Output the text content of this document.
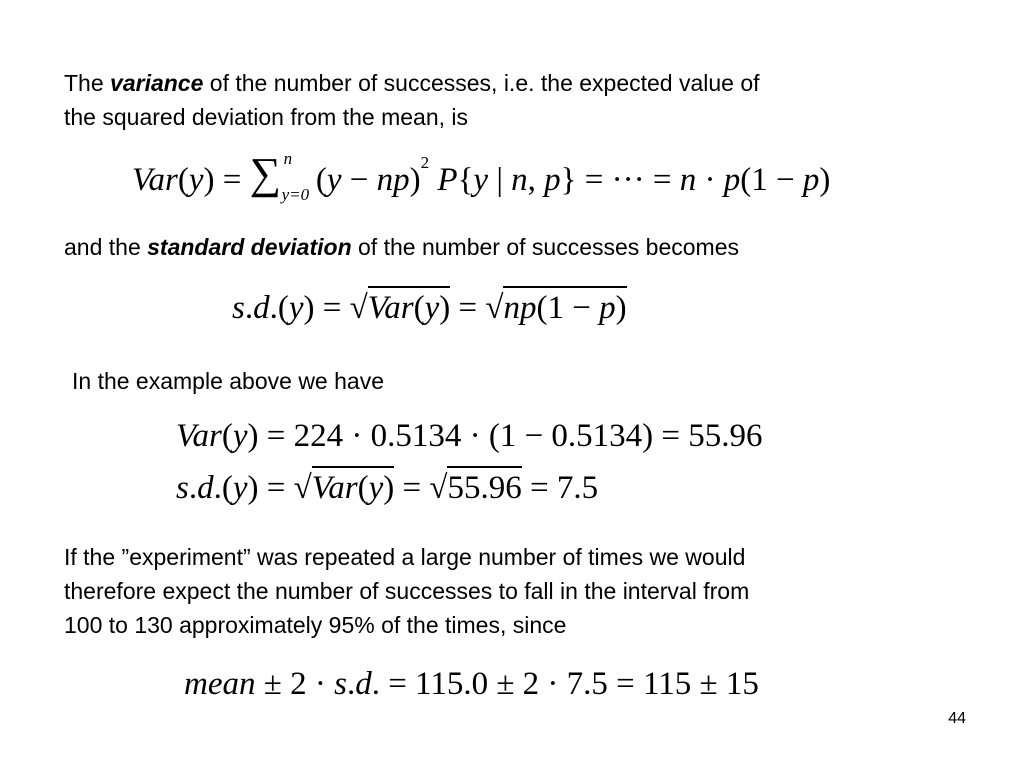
The variance of the number of successes, i.e. the expected value of
the squared deviation from the mean, is
Var(y) = ∑ n
y=0 (y − np)$^2$ P{y | n, p} = ··· = n · p(1 − p)
and the standard deviation of the number of successes becomes
s.d.(y) = √Var(y) = √np(1 − p)
In the example above we have
Var(y) = 224 · 0.5134 · (1 − 0.5134) = 55.96
s.d.(y) = √Var(y) = √55.96 = 7.5
If the ”experiment” was repeated a large number of times we would
therefore expect the number of successes to fall in the interval from
100 to 130 approximately 95% of the times, since
mean ± 2 · s.d. = 115.0 ± 2 · 7.5 = 115 ± 15
44
